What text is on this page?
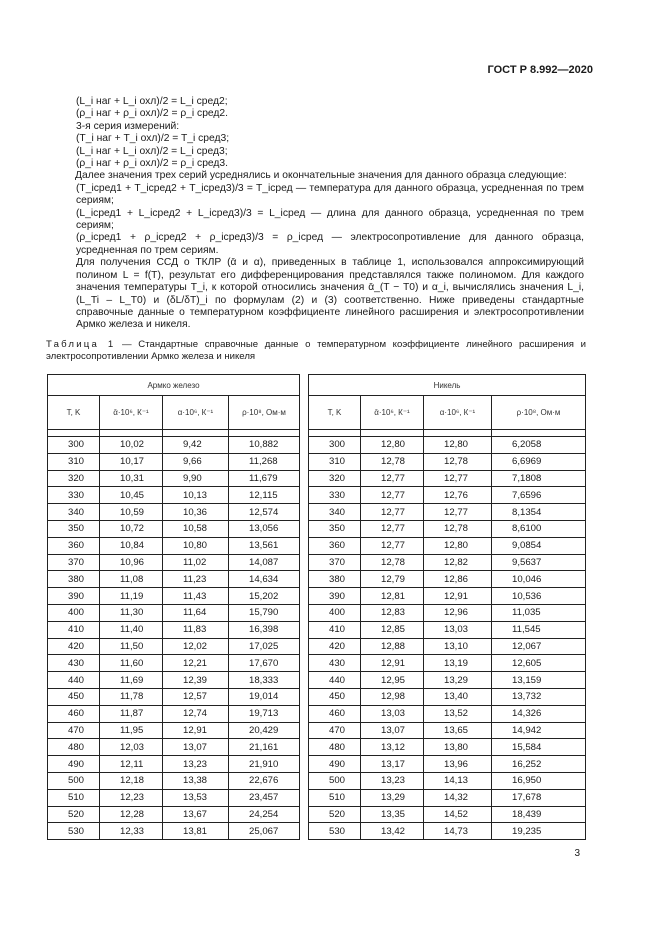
ГОСТ Р 8.992—2020

(L_i наг + L_i охл)/2 = L_i сред2;

(ρ_i наг + ρ_i охл)/2 = ρ_i сред2.

3-я серия измерений:

(T_i наг + T_i охл)/2 = T_i сред3;

(L_i наг + L_i охл)/2 = L_i сред3;

(ρ_i наг + ρ_i охл)/2 = ρ_i сред3.

Далее значения трех серий усреднялись и окончательные значения для данного образца следующие:

(T_iсред1 + T_iсред2 + T_iсред3)/3 = T_iсред — температура для данного образца, усредненная по трем сериям;

(L_iсред1 + L_iсред2 + L_iсред3)/3 = L_iсред — длина для данного образца, усредненная по трем сериям;

(ρ_iсред1 + ρ_iсред2 + ρ_iсред3)/3 = ρ_iсред — электросопротивление для данного образца, усредненная по трем сериям.

Для получения ССД о ТКЛР (ᾱ и α), приведенных в таблице 1, использовался аппроксимирующий полином L = f(T), результат его дифференцирования представлялся также полиномом. Для каждого значения температуры T_i, к которой относились значения ᾱ_(T − T0) и α_i, вычислялись значения L_i, (L_Ti – L_T0) и (δL/δT)_i по формулам (2) и (3) соответственно. Ниже приведены стандартные справочные данные о температурном коэффициенте линейного расширения и электросопротивлении Армко железа и никеля.

Таблица 1 — Стандартные справочные данные о температурном коэффициенте линейного расширения и электросопротивлении Армко железа и никеля
Армко железо					Никель			
T, K	ᾱ·10⁶, К⁻¹	α·10⁶, К⁻¹	ρ·10⁸, Ом·м		T, K	ᾱ·10⁶, К⁻¹	α·10⁶, К⁻¹	ρ·10⁸, Ом·м

300	10,02	9,42	10,882		300	12,80	12,80	6,2058
310	10,17	9,66	11,268		310	12,78	12,78	6,6969
320	10,31	9,90	11,679		320	12,77	12,77	7,1808
330	10,45	10,13	12,115		330	12,77	12,76	7,6596
340	10,59	10,36	12,574		340	12,77	12,77	8,1354
350	10,72	10,58	13,056		350	12,77	12,78	8,6100
360	10,84	10,80	13,561		360	12,77	12,80	9,0854
370	10,96	11,02	14,087		370	12,78	12,82	9,5637
380	11,08	11,23	14,634		380	12,79	12,86	10,046
390	11,19	11,43	15,202		390	12,81	12,91	10,536
400	11,30	11,64	15,790		400	12,83	12,96	11,035
410	11,40	11,83	16,398		410	12,85	13,03	11,545
420	11,50	12,02	17,025		420	12,88	13,10	12,067
430	11,60	12,21	17,670		430	12,91	13,19	12,605
440	11,69	12,39	18,333		440	12,95	13,29	13,159
450	11,78	12,57	19,014		450	12,98	13,40	13,732
460	11,87	12,74	19,713		460	13,03	13,52	14,326
470	11,95	12,91	20,429		470	13,07	13,65	14,942
480	12,03	13,07	21,161		480	13,12	13,80	15,584
490	12,11	13,23	21,910		490	13,17	13,96	16,252
500	12,18	13,38	22,676		500	13,23	14,13	16,950
510	12,23	13,53	23,457		510	13,29	14,32	17,678
520	12,28	13,67	24,254		520	13,35	14,52	18,439
530	12,33	13,81	25,067		530	13,42	14,73	19,235
3
